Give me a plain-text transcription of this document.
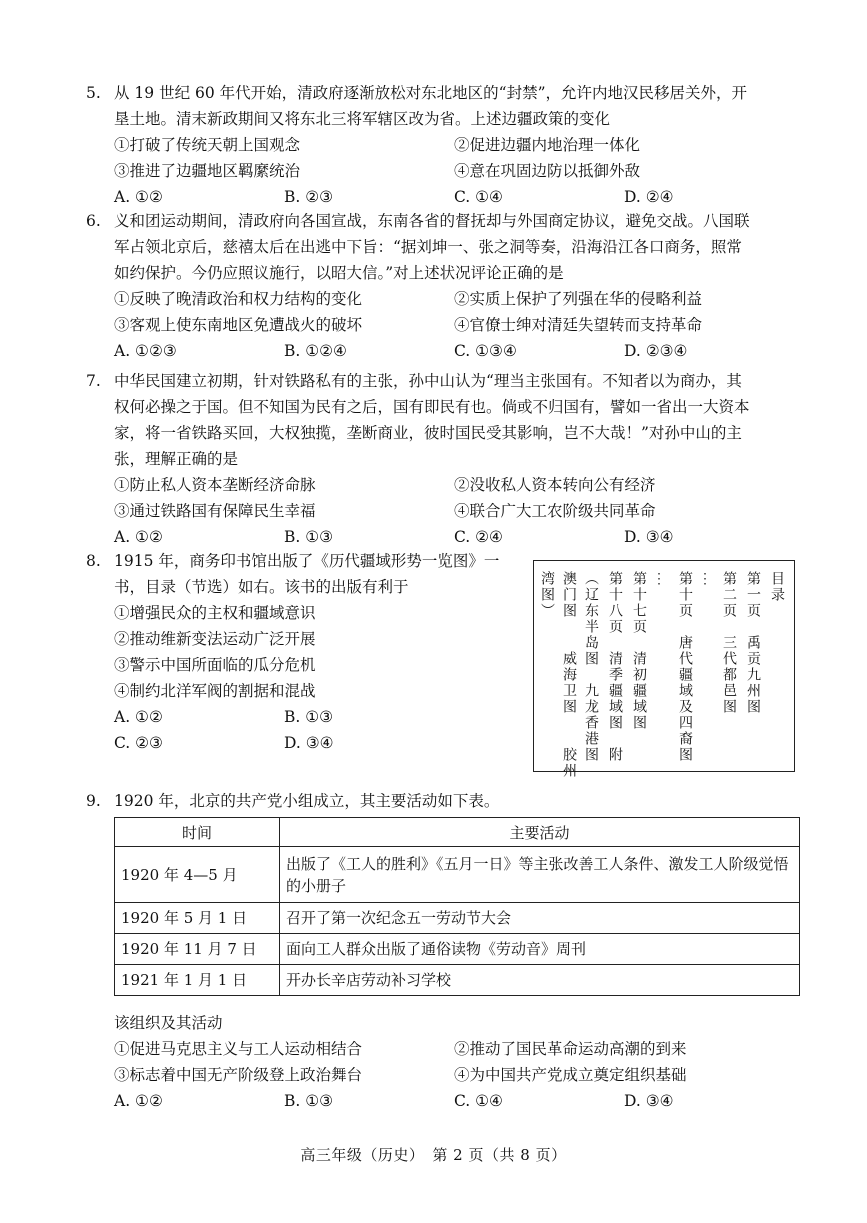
5. 从 19 世纪 60 年代开始，清政府逐渐放松对东北地区的“封禁”，允许内地汉民移居关外，开
垦土地。清末新政期间又将东北三将军辖区改为省。上述边疆政策的变化
①打破了传统天朝上国观念	②促进边疆内地治理一体化
③推进了边疆地区羁縻统治	④意在巩固边防以抵御外敌
A. ①②	B. ②③	C. ①④	D. ②④
6. 义和团运动期间，清政府向各国宣战，东南各省的督抚却与外国商定协议，避免交战。八国联
军占领北京后，慈禧太后在出逃中下旨：“据刘坤一、张之洞等奏，沿海沿江各口商务，照常
如约保护。今仍应照议施行，以昭大信。”对上述状况评论正确的是
①反映了晚清政治和权力结构的变化	②实质上保护了列强在华的侵略利益
③客观上使东南地区免遭战火的破坏	④官僚士绅对清廷失望转而支持革命
A. ①②③	B. ①②④	C. ①③④	D. ②③④
7. 中华民国建立初期，针对铁路私有的主张，孙中山认为“理当主张国有。不知者以为商办，其
权何必操之于国。但不知国为民有之后，国有即民有也。倘或不归国有，譬如一省出一大资本
家，将一省铁路买回，大权独揽，垄断商业，彼时国民受其影响，岂不大哉！”对孙中山的主
张，理解正确的是
①防止私人资本垄断经济命脉	②没收私人资本转向公有经济
③通过铁路国有保障民生幸福	④联合广大工农阶级共同革命
A. ①②	B. ①③	C. ②④	D. ③④
8. 1915 年，商务印书馆出版了《历代疆域形势一览图》一
书，目录（节选）如右。该书的出版有利于
①增强民众的主权和疆域意识
②推动维新变法运动广泛开展
③警示中国所面临的瓜分危机
④制约北洋军阀的割据和混战
A. ①②	B. ①③
C. ②③	D. ③④
目录
第一页　禹贡九州图
第二页　三代都邑图
⋮
第十页　唐代疆域及四裔图
⋮
第十七页　清初疆域图
第十八页　清季疆域图　附
（辽东半岛图　九龙香港图
澳门图　　威海卫图　　胶州
湾图）
9. 1920 年，北京的共产党小组成立，其主要活动如下表。
时间	主要活动
1920 年 4—5 月	出版了《工人的胜利》《五月一日》等主张改善工人条件、激发工人阶级觉悟的小册子
1920 年 5 月 1 日	召开了第一次纪念五一劳动节大会
1920 年 11 月 7 日	面向工人群众出版了通俗读物《劳动音》周刊
1921 年 1 月 1 日	开办长辛店劳动补习学校
该组织及其活动
①促进马克思主义与工人运动相结合	②推动了国民革命运动高潮的到来
③标志着中国无产阶级登上政治舞台	④为中国共产党成立奠定组织基础
A. ①②	B. ①③	C. ①④	D. ③④
高三年级（历史）　第 2 页（共 8 页）
